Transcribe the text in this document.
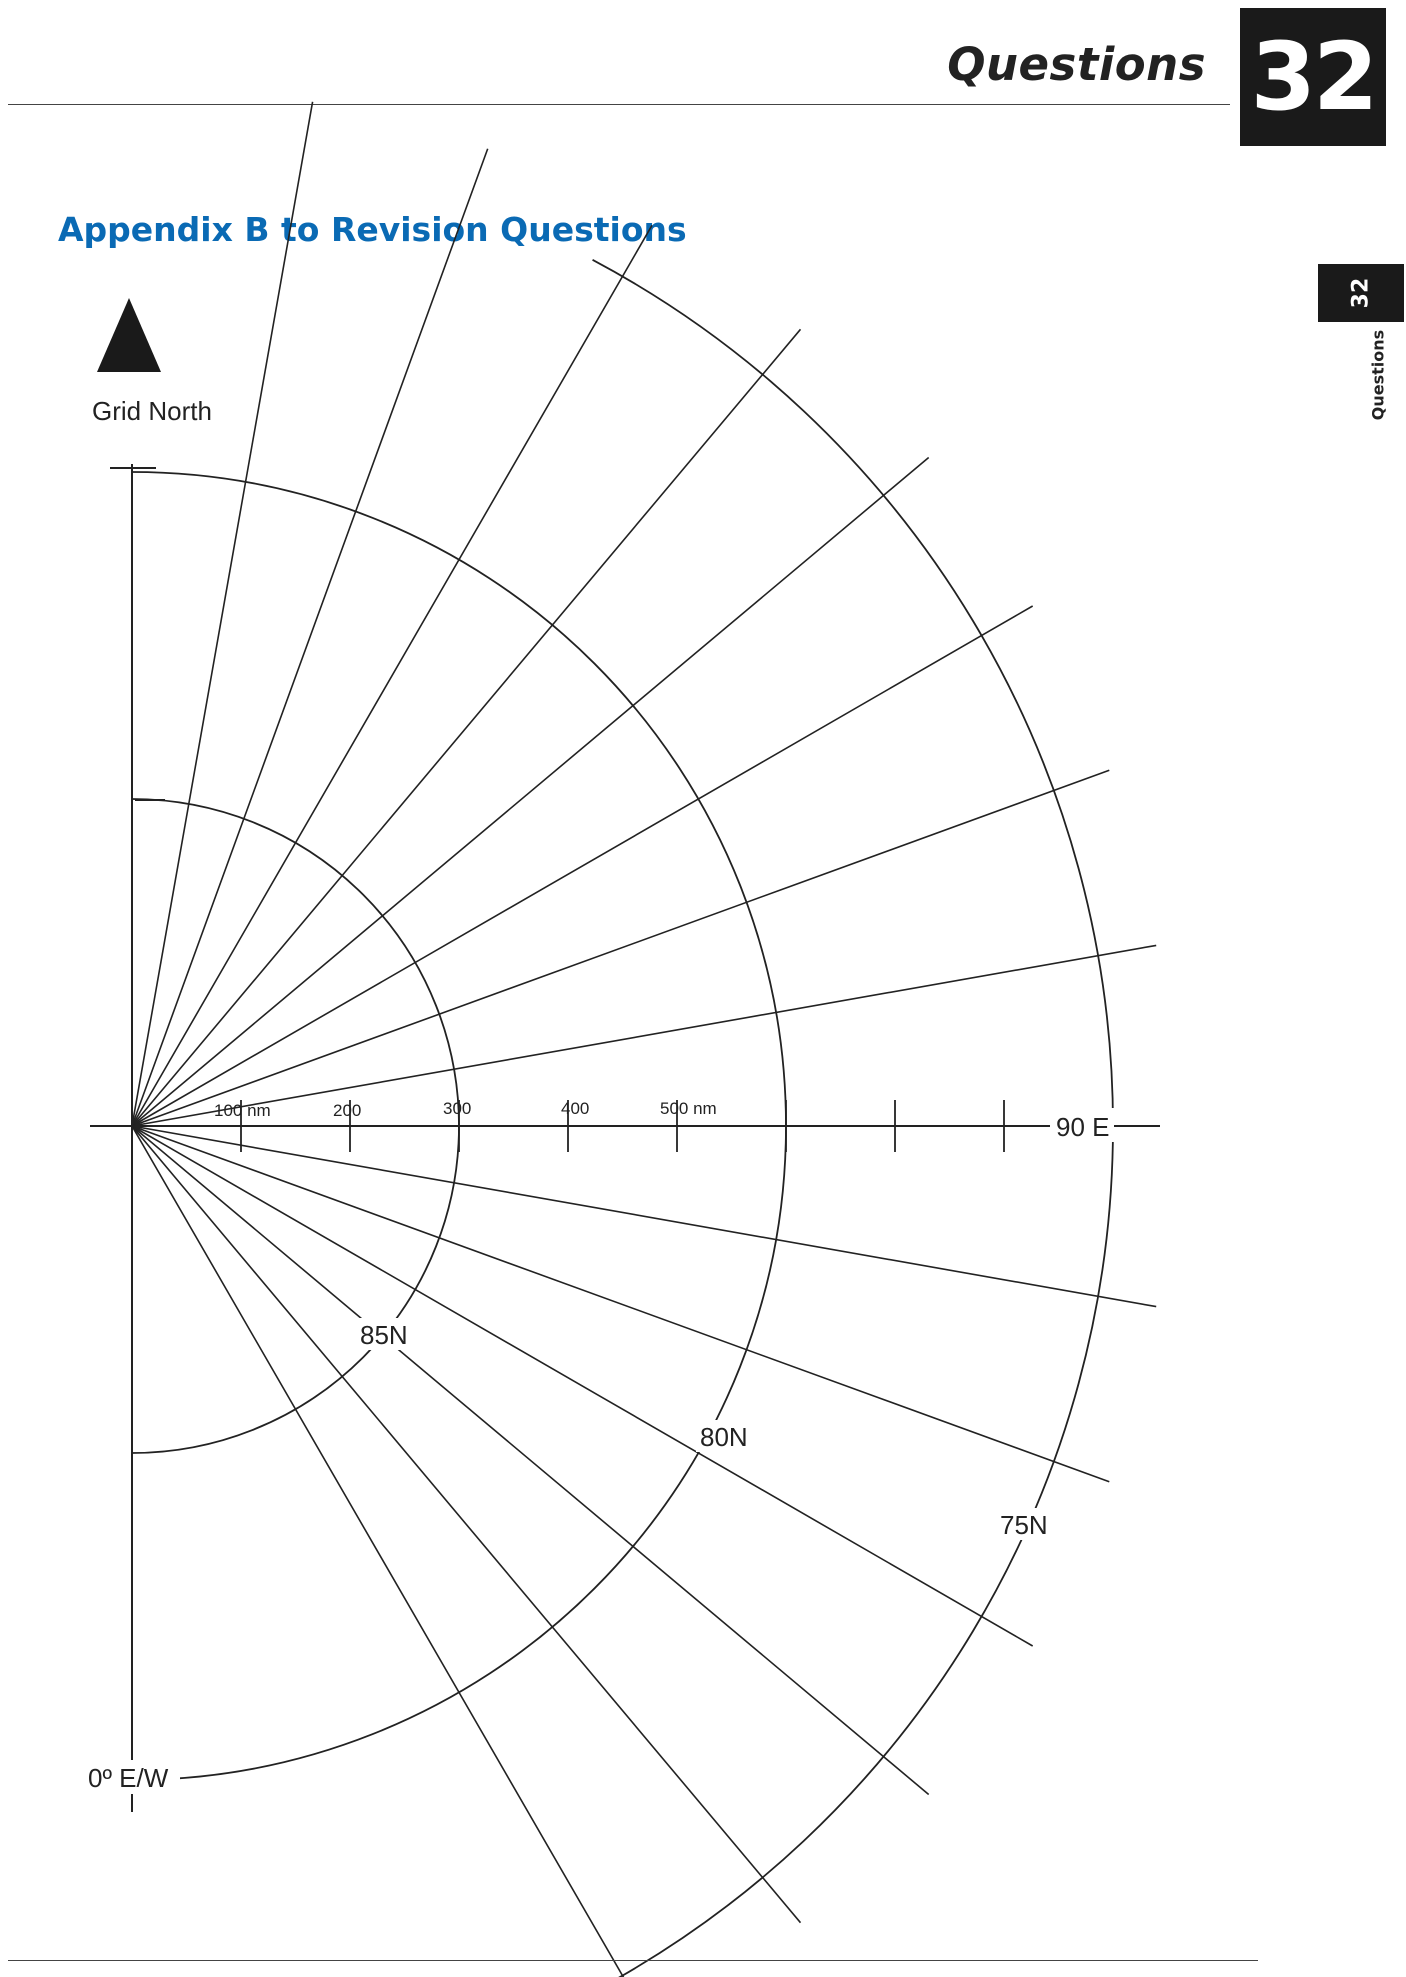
Questions 32
Appendix B to Revision Questions
32
Questions
Grid North
100 nm	200	300	400	500 nm
90 E
0º E/W
85N
80N
75N
